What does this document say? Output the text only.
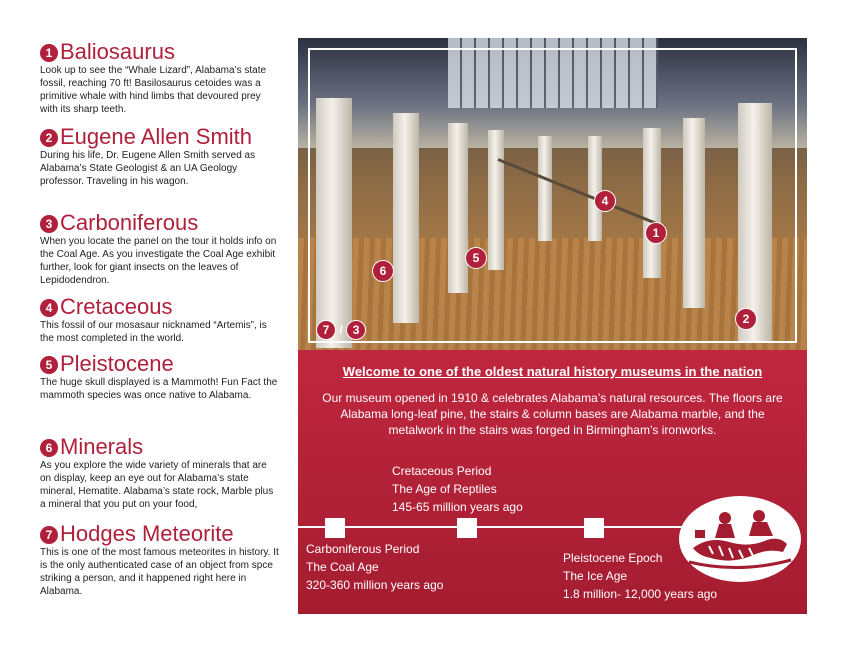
1 Baliosaurus

Look up to see the “Whale Lizard”, Alabama’s state fossil, reaching 70 ft! Basilosaurus cetoides was a primitive whale with hind limbs that devoured prey with its sharp teeth.

2 Eugene Allen Smith

During his life, Dr. Eugene Allen Smith served as Alabama’s State Geologist & an UA Geology professor. Traveling in his wagon.

3 Carboniferous

When you locate the panel on the tour it holds info on the Coal Age. As you investigate the Coal Age exhibit further, look for giant insects on the leaves of Lepidodendron.

4 Cretaceous

This fossil of our mosasaur nicknamed “Artemis”, is the most completed in the world.

5 Pleistocene

The huge skull displayed is a Mammoth! Fun Fact the mammoth species was once native to Alabama.

6 Minerals

As you explore the wide variety of minerals that are on display, keep an eye out for Alabama’s state mineral, Hematite. Alabama’s state rock, Marble plus a mineral that you put on your food,

7 Hodges Meteorite

This is one of the most famous meteorites in history. It is the only authenticated case of an object from spce striking a person, and it happened right here in Alabama.

4
1
5
6
2
7 / 3
Welcome to one of the oldest natural history museums in the nation
Our museum opened in 1910 & celebrates Alabama’s natural resources. The floors are Alabama long-leaf pine, the stairs & column bases are Alabama marble, and the metalwork in the stairs was forged in Birmingham’s ironworks.
Cretaceous Period
The Age of Reptiles
145-65 million years ago
Carboniferous Period
The Coal Age
320-360 million years ago
Pleistocene Epoch
The Ice Age
1.8 million- 12,000 years ago
